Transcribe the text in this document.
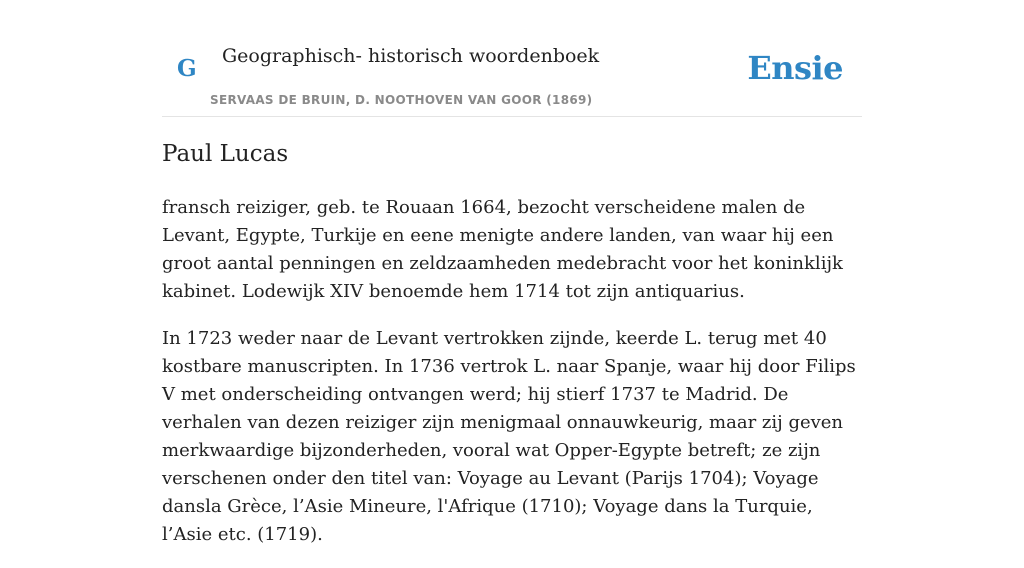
G Geographisch- historisch woordenboek
SERVAAS DE BRUIN, D. NOOTHOVEN VAN GOOR (1869)
Ensie
Paul Lucas

fransch reiziger, geb. te Rouaan 1664, bezocht verscheidene malen de Levant, Egypte, Turkije en eene menigte andere landen, van waar hij een groot aantal penningen en zeldzaamheden medebracht voor het koninklijk kabinet. Lodewijk XIV benoemde hem 1714 tot zijn antiquarius.

In 1723 weder naar de Levant vertrokken zijnde, keerde L. terug met 40 kostbare manuscripten. In 1736 vertrok L. naar Spanje, waar hij door Filips V met onderscheiding ontvangen werd; hij stierf 1737 te Madrid. De verhalen van dezen reiziger zijn menigmaal onnauwkeurig, maar zij geven merkwaardige bijzonderheden, vooral wat Opper-Egypte betreft; ze zijn verschenen onder den titel van: Voyage au Levant (Parijs 1704); Voyage dansla Grèce, l’Asie Mineure, l'Afrique (1710); Voyage dans la Turquie, l’Asie etc. (1719).
